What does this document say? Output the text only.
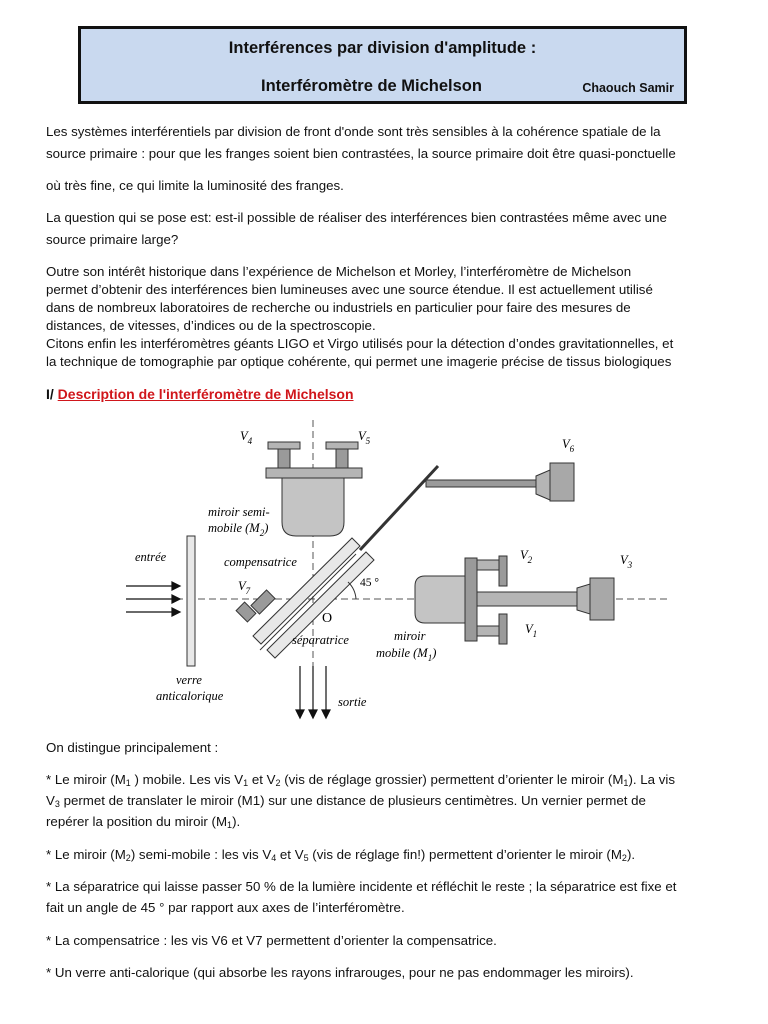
Interférences par division d'amplitude :
Interféromètre de Michelson	Chaouch Samir

Les systèmes interférentiels par division de front d'onde sont très sensibles à la cohérence spatiale de la

source primaire : pour que les franges soient bien contrastées, la source primaire doit être quasi-ponctuelle

où très fine, ce qui limite la luminosité des franges.

La question qui se pose est: est-il possible de réaliser des interférences bien contrastées même avec une

source primaire large?

Outre son intérêt historique dans l’expérience de Michelson et Morley, l’interféromètre de Michelson

permet d’obtenir des interférences bien lumineuses avec une source étendue. Il est actuellement utilisé

dans de nombreux laboratoires de recherche ou industriels en particulier pour faire des mesures de

distances, de vitesses, d’indices ou de la spectroscopie.

Citons enfin les interféromètres géants LIGO et Virgo utilisés pour la détection d’ondes gravitationnelles, et

la technique de tomographie par optique cohérente, qui permet une imagerie précise de tissus biologiques

I/ Description de l'interféromètre de Michelson
$V_4$	$V_5$	$V_6$
$V_2$	$V_3$
$V_1$
$V_7$
miroir semi-
mobile $(M_2)$
compensatrice
entrée
45 °
O
séparatrice	miroir
mobile $(M_1)$
verre
anticalorique	sortie

On distingue principalement :

* Le miroir ($M_1$ ) mobile. Les vis $V_1$ et $V_2$ (vis de réglage grossier) permettent d’orienter le miroir $(M_1)$. La vis

$V_3$ permet de translater le miroir (M1) sur une distance de plusieurs centimètres. Un vernier permet de

repérer la position du miroir $(M_1)$.

* Le miroir $(M_2)$ semi-mobile : les vis $V_4$ et $V_5$ (vis de réglage fin!) permettent d’orienter le miroir $(M_2)$.

* La séparatrice qui laisse passer 50 % de la lumière incidente et réfléchit le reste ; la séparatrice est fixe et

fait un angle de 45 ° par rapport aux axes de l’interféromètre.

* La compensatrice : les vis V6 et V7 permettent d’orienter la compensatrice.

* Un verre anti-calorique (qui absorbe les rayons infrarouges, pour ne pas endommager les miroirs).
